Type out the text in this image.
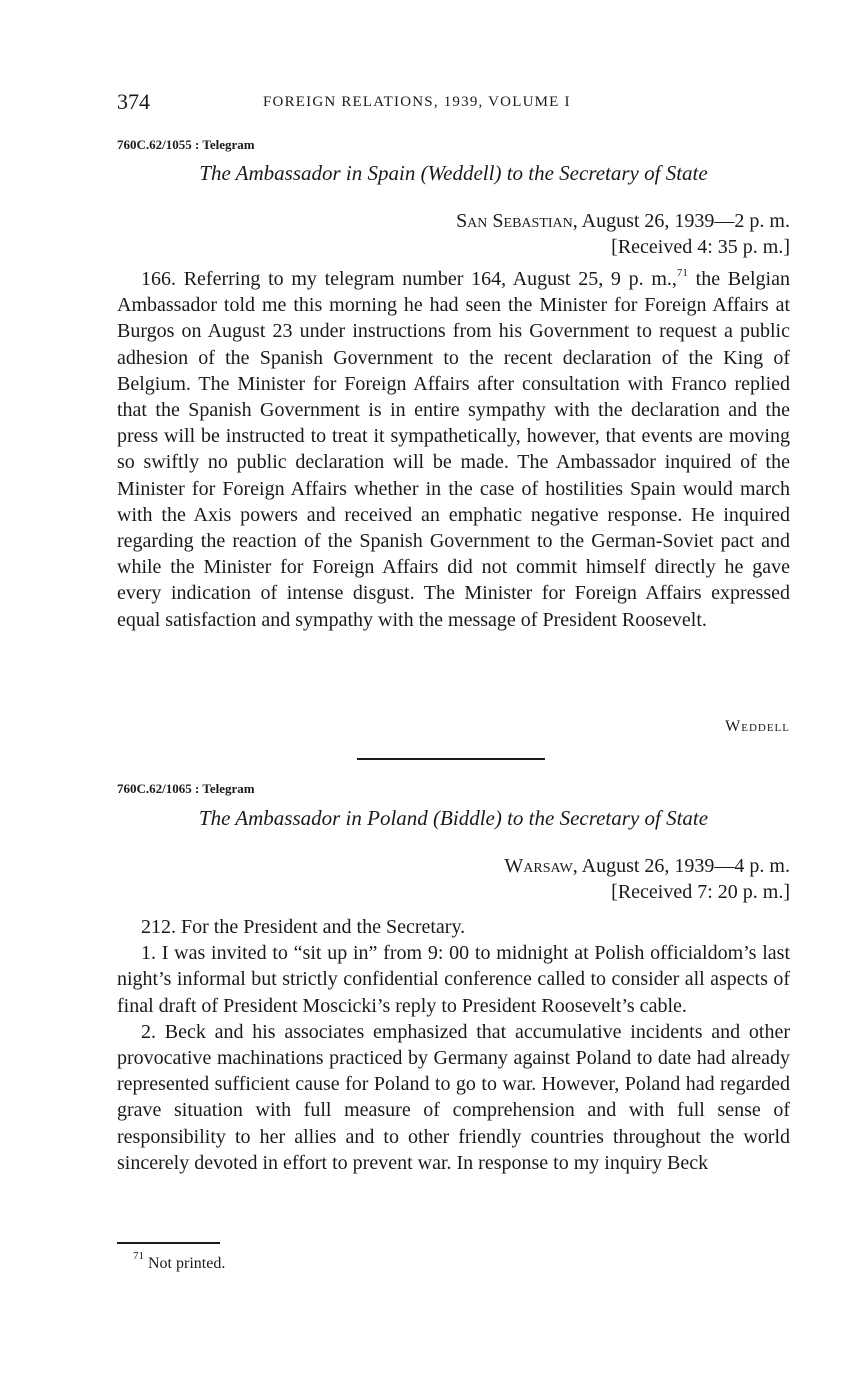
374	FOREIGN RELATIONS, 1939, VOLUME I
760C.62/1055 : Telegram
The Ambassador in Spain (Weddell) to the Secretary of State
San Sebastian, August 26, 1939—2 p. m.
[Received 4: 35 p. m.]

166. Referring to my telegram number 164, August 25, 9 p. m.,$^{71}$ the Belgian Ambassador told me this morning he had seen the Minister for Foreign Affairs at Burgos on August 23 under instructions from his Government to request a public adhesion of the Spanish Government to the recent declaration of the King of Belgium. The Minister for Foreign Affairs after consultation with Franco replied that the Spanish Government is in entire sympathy with the declaration and the press will be instructed to treat it sympathetically, however, that events are moving so swiftly no public declaration will be made. The Ambassador inquired of the Minister for Foreign Affairs whether in the case of hostilities Spain would march with the Axis powers and received an emphatic negative response. He inquired regarding the reaction of the Spanish Government to the German-Soviet pact and while the Minister for Foreign Affairs did not commit himself directly he gave every indication of intense disgust. The Minister for Foreign Affairs expressed equal satisfaction and sympathy with the message of President Roosevelt.

Weddell
760C.62/1065 : Telegram
The Ambassador in Poland (Biddle) to the Secretary of State
Warsaw, August 26, 1939—4 p. m.
[Received 7: 20 p. m.]

212. For the President and the Secretary.

1. I was invited to “sit up in” from 9: 00 to midnight at Polish officialdom’s last night’s informal but strictly confidential conference called to consider all aspects of final draft of President Moscicki’s reply to President Roosevelt’s cable.

2. Beck and his associates emphasized that accumulative incidents and other provocative machinations practiced by Germany against Poland to date had already represented sufficient cause for Poland to go to war. However, Poland had regarded grave situation with full measure of comprehension and with full sense of responsibility to her allies and to other friendly countries throughout the world sincerely devoted in effort to prevent war. In response to my inquiry Beck

$^{71}$ Not printed.
